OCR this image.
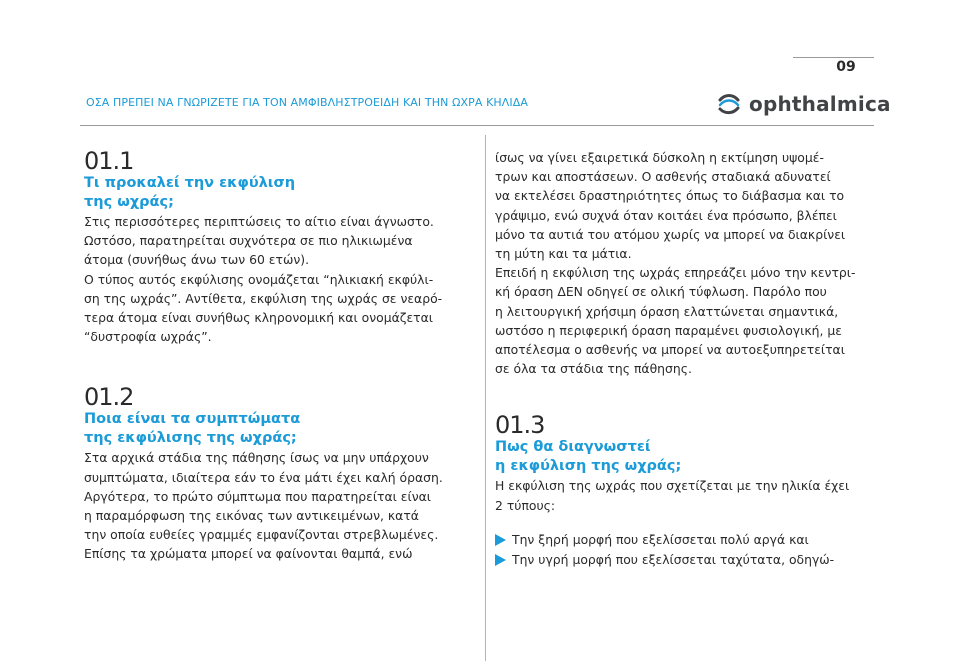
09
ΟΣΑ ΠΡΕΠΕΙ ΝΑ ΓΝΩΡΙΖΕΤΕ ΓΙΑ ΤΟΝ ΑΜΦΙΒΛΗΣΤΡΟΕΙΔΗ ΚΑΙ ΤΗΝ ΩΧΡΑ ΚΗΛΙΔΑ	ophthalmica
01.1
Τι προκαλεί την εκφύλιση
της ωχράς;

Στις περισσότερες περιπτώσεις το αίτιο είναι άγνωστο.
Ωστόσο, παρατηρείται συχνότερα σε πιο ηλικιωμένα
άτομα (συνήθως άνω των 60 ετών).
Ο τύπος αυτός εκφύλισης ονομάζεται “ηλικιακή εκφύλι-
ση της ωχράς”. Αντίθετα, εκφύλιση της ωχράς σε νεαρό-
τερα άτομα είναι συνήθως κληρονομική και ονομάζεται
“δυστροφία ωχράς”.

01.2
Ποια είναι τα συμπτώματα
της εκφύλισης της ωχράς;

Στα αρχικά στάδια της πάθησης ίσως να μην υπάρχουν
συμπτώματα, ιδιαίτερα εάν το ένα μάτι έχει καλή όραση.
Αργότερα, το πρώτο σύμπτωμα που παρατηρείται είναι
η παραμόρφωση της εικόνας των αντικειμένων, κατά
την οποία ευθείες γραμμές εμφανίζονται στρεβλωμένες.
Επίσης τα χρώματα μπορεί να φαίνονται θαμπά, ενώ

ίσως να γίνει εξαιρετικά δύσκολη η εκτίμηση υψομέ-
τρων και αποστάσεων. Ο ασθενής σταδιακά αδυνατεί
να εκτελέσει δραστηριότητες όπως το διάβασμα και το
γράψιμο, ενώ συχνά όταν κοιτάει ένα πρόσωπο, βλέπει
μόνο τα αυτιά του ατόμου χωρίς να μπορεί να διακρίνει
τη μύτη και τα μάτια.
Επειδή η εκφύλιση της ωχράς επηρεάζει μόνο την κεντρι-
κή όραση ΔΕΝ οδηγεί σε ολική τύφλωση. Παρόλο που
η λειτουργική χρήσιμη όραση ελαττώνεται σημαντικά,
ωστόσο η περιφερική όραση παραμένει φυσιολογική, με
αποτέλεσμα ο ασθενής να μπορεί να αυτοεξυπηρετείται
σε όλα τα στάδια της πάθησης.

01.3
Πως θα διαγνωστεί
η εκφύλιση της ωχράς;

Η εκφύλιση της ωχράς που σχετίζεται με την ηλικία έχει
2 τύπους:

Την ξηρή μορφή που εξελίσσεται πολύ αργά και
Την υγρή μορφή που εξελίσσεται ταχύτατα, οδηγώ-
